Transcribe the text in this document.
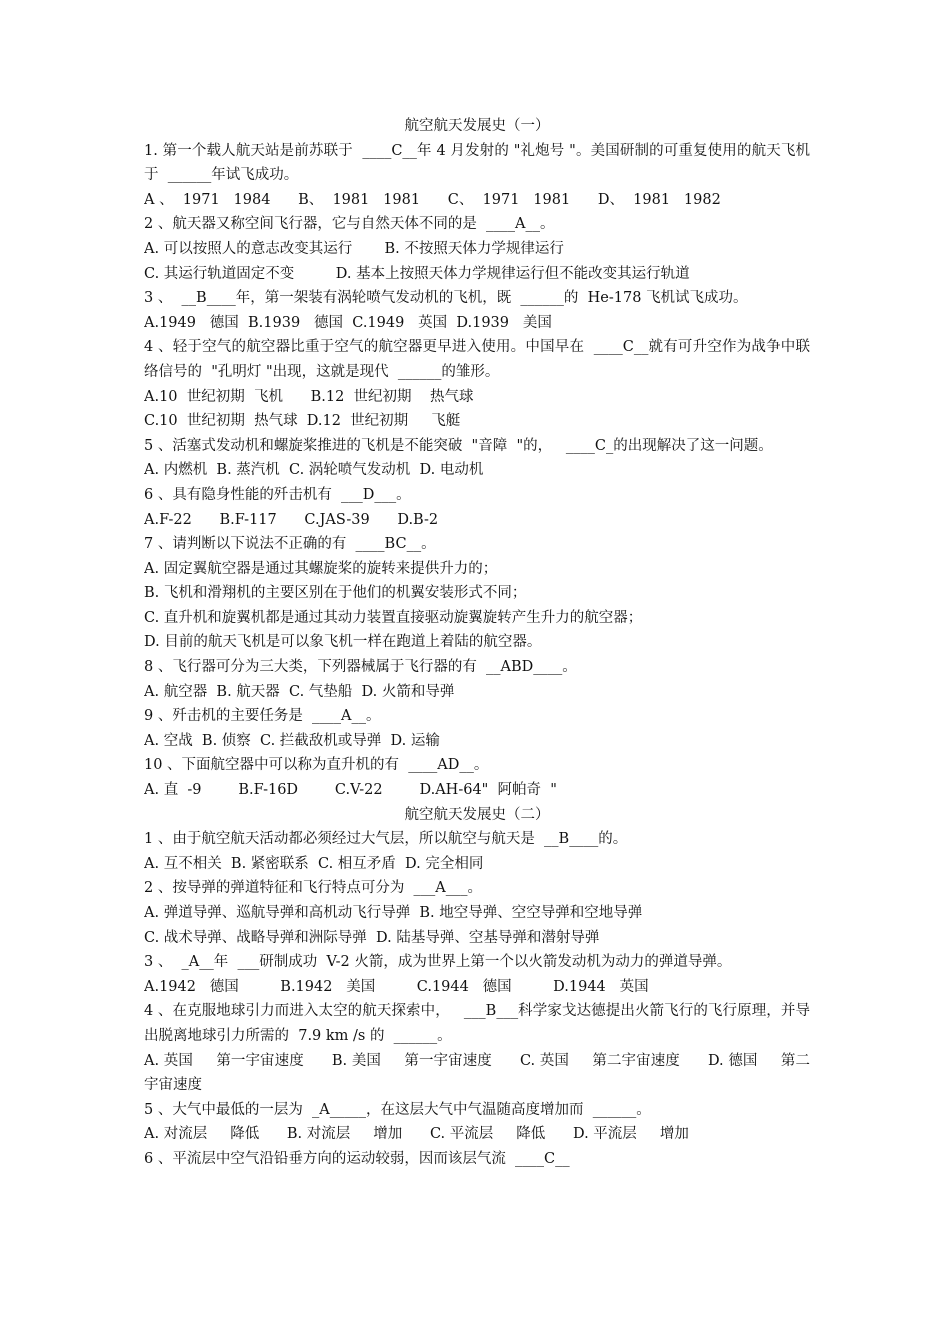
航空航天发展史（一）
1. 第一个载人航天站是前苏联于  ____C__年 4 月发射的 "礼炮号 "。美国研制的可重复使用的航天飞机于  ______年试飞成功。
A 、  1971   1984      B、  1981   1981      C、  1971   1981      D、  1981   1982
2 、航天器又称空间飞行器，它与自然天体不同的是  ____A__。
A. 可以按照人的意志改变其运行       B. 不按照天体力学规律运行
C. 其运行轨道固定不变         D. 基本上按照天体力学规律运行但不能改变其运行轨道
3 、  __B____年，第一架装有涡轮喷气发动机的飞机，既  ______的  He-178 飞机试飞成功。
A.1949   德国  B.1939   德国  C.1949   英国  D.1939   美国
4 、轻于空气的航空器比重于空气的航空器更早进入使用。中国早在  ____C__就有可升空作为战争中联络信号的  "孔明灯 "出现，这就是现代  ______的雏形。
A.10  世纪初期  飞机      B.12  世纪初期    热气球
C.10  世纪初期  热气球  D.12  世纪初期     飞艇
5 、活塞式发动机和螺旋桨推进的飞机是不能突破  "音障  "的，   ____C_的出现解决了这一问题。
A. 内燃机  B. 蒸汽机  C. 涡轮喷气发动机  D. 电动机
6 、具有隐身性能的歼击机有  ___D___。
A.F-22      B.F-117      C.JAS-39      D.B-2
7 、请判断以下说法不正确的有  ____BC__。
A. 固定翼航空器是通过其螺旋桨的旋转来提供升力的；
B. 飞机和滑翔机的主要区别在于他们的机翼安装形式不同；
C. 直升机和旋翼机都是通过其动力装置直接驱动旋翼旋转产生升力的航空器；
D. 目前的航天飞机是可以象飞机一样在跑道上着陆的航空器。
8 、飞行器可分为三大类，下列器械属于飞行器的有  __ABD____。
A. 航空器  B. 航天器  C. 气垫船  D. 火箭和导弹
9 、歼击机的主要任务是  ____A__。
A. 空战  B. 侦察  C. 拦截敌机或导弹  D. 运输
10 、下面航空器中可以称为直升机的有  ____AD__。
A. 直  -9        B.F-16D        C.V-22        D.AH-64"  阿帕奇  "
航空航天发展史（二）
1 、由于航空航天活动都必须经过大气层，所以航空与航天是  __B____的。
A. 互不相关  B. 紧密联系  C. 相互矛盾  D. 完全相同
2 、按导弹的弹道特征和飞行特点可分为  ___A___。
A. 弹道导弹、巡航导弹和高机动飞行导弹  B. 地空导弹、空空导弹和空地导弹
C. 战术导弹、战略导弹和洲际导弹  D. 陆基导弹、空基导弹和潜射导弹
3 、  _A__年  ___研制成功  V-2 火箭，成为世界上第一个以火箭发动机为动力的弹道导弹。
A.1942   德国         B.1942   美国         C.1944   德国         D.1944   英国
4 、在克服地球引力而进入太空的航天探索中，   ___B___科学家戈达德提出火箭飞行的飞行原理，并导出脱离地球引力所需的  7.9 km /s 的  ______。
A. 英国     第一宇宙速度      B. 美国     第一宇宙速度      C. 英国     第二宇宙速度      D. 德国     第二宇宙速度
5 、大气中最低的一层为  _A_____，在这层大气中气温随高度增加而  ______。
A. 对流层     降低      B. 对流层     增加      C. 平流层     降低      D. 平流层     增加
6 、平流层中空气沿铅垂方向的运动较弱，因而该层气流  ____C__
